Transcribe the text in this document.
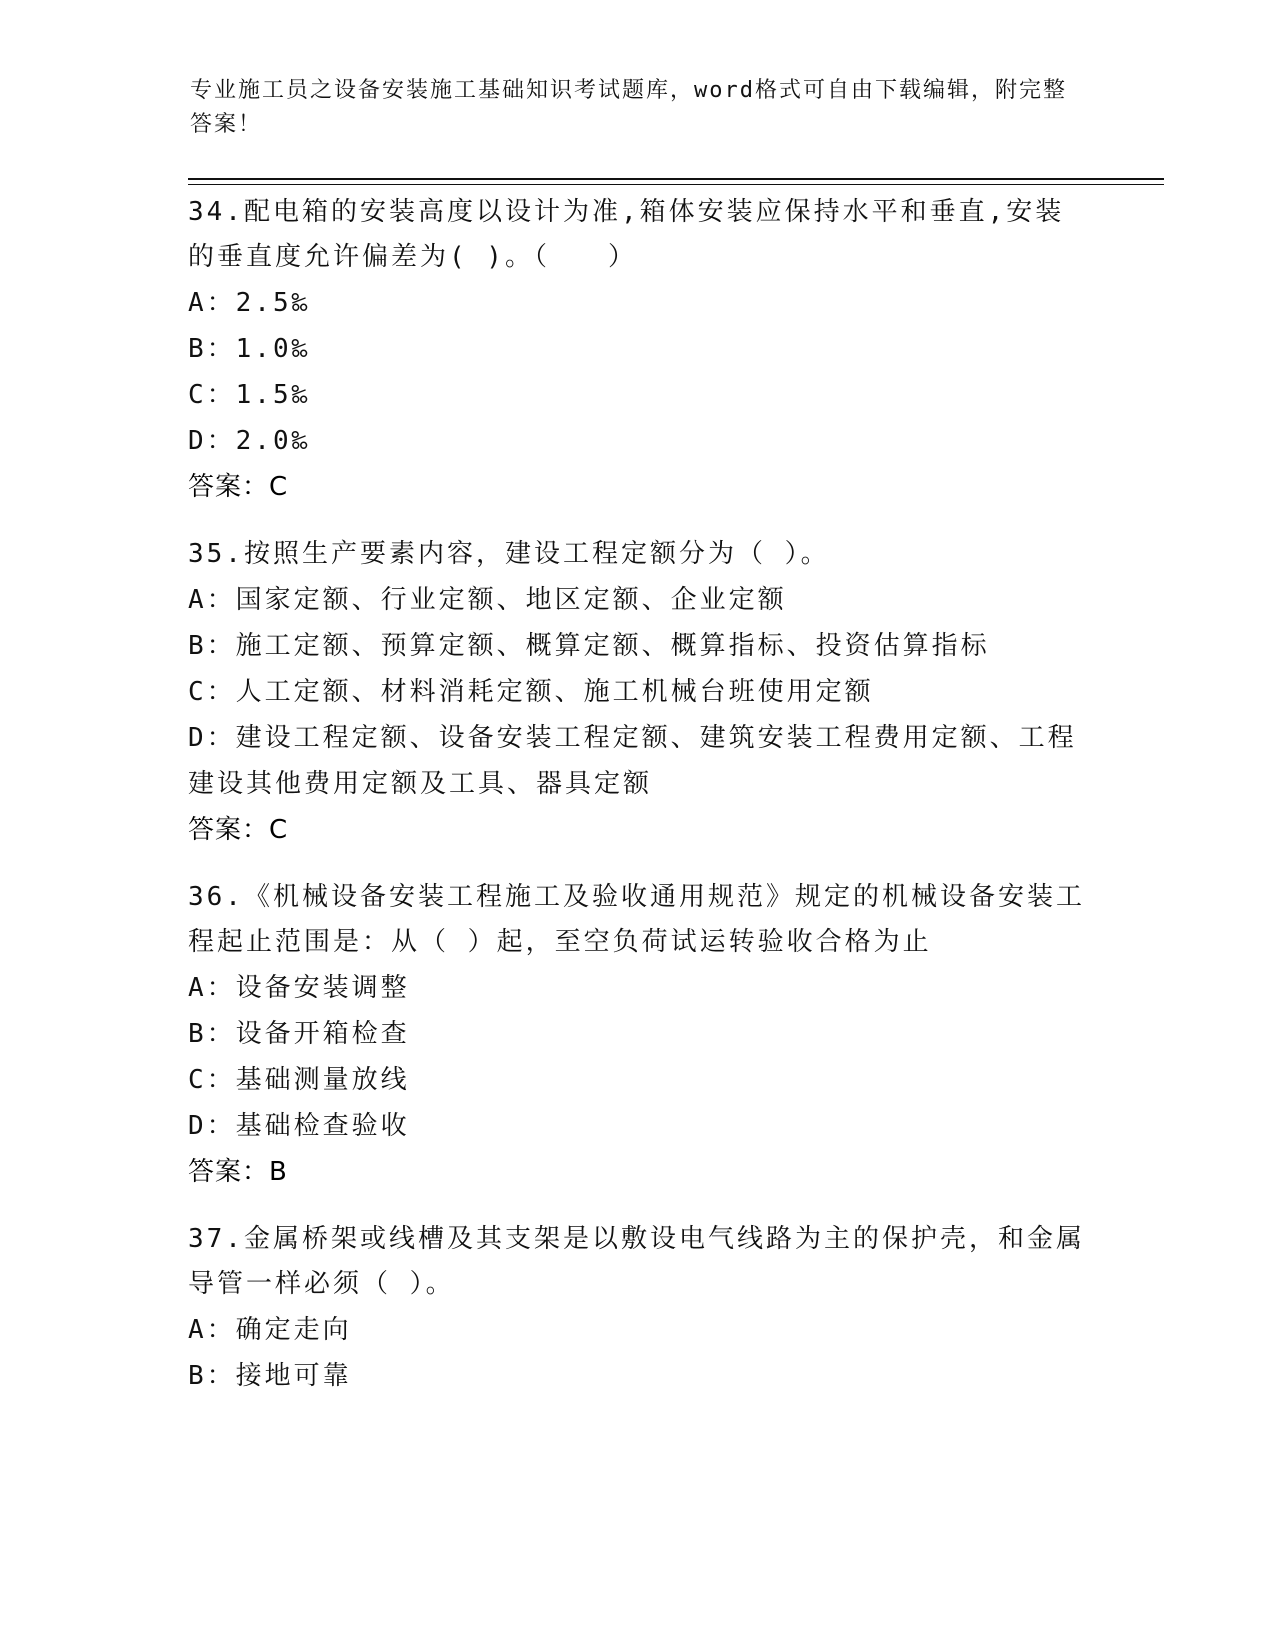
专业施工员之设备安装施工基础知识考试题库，word格式可自由下载编辑，附完整答案！
34.配电箱的安装高度以设计为准,箱体安装应保持水平和垂直,安装的垂直度允许偏差为( )。（　　）
A：2.5‰
B：1.0‰
C：1.5‰
D：2.0‰
答案：C
35.按照生产要素内容，建设工程定额分为（ ）。
A：国家定额、行业定额、地区定额、企业定额
B：施工定额、预算定额、概算定额、概算指标、投资估算指标
C：人工定额、材料消耗定额、施工机械台班使用定额
D：建设工程定额、设备安装工程定额、建筑安装工程费用定额、工程建设其他费用定额及工具、器具定额
答案：C
36.《机械设备安装工程施工及验收通用规范》规定的机械设备安装工程起止范围是：从（ ）起，至空负荷试运转验收合格为止
A：设备安装调整
B：设备开箱检查
C：基础测量放线
D：基础检查验收
答案：B
37.金属桥架或线槽及其支架是以敷设电气线路为主的保护壳，和金属导管一样必须（ ）。
A：确定走向
B：接地可靠
